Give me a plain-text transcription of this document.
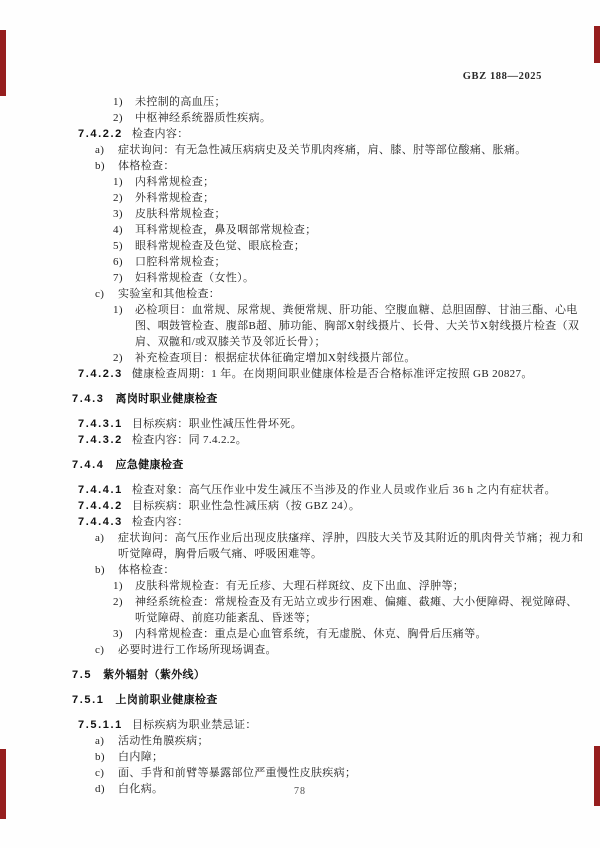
GBZ 188—2025
1) 未控制的高血压；
2) 中枢神经系统器质性疾病。
7.4.2.2 检查内容：
a) 症状询问：有无急性减压病病史及关节肌肉疼痛，肩、膝、肘等部位酸痛、胀痛。
b) 体格检查：
1) 内科常规检查；
2) 外科常规检查；
3) 皮肤科常规检查；
4) 耳科常规检查，鼻及咽部常规检查；
5) 眼科常规检查及色觉、眼底检查；
6) 口腔科常规检查；
7) 妇科常规检查（女性）。
c) 实验室和其他检查：
1) 必检项目：血常规、尿常规、粪便常规、肝功能、空腹血糖、总胆固醇、甘油三酯、心电
图、咽鼓管检查、腹部B超、肺功能、胸部X射线摄片、长骨、大关节X射线摄片检查（双
肩、双髋和/或双膝关节及邻近长骨）；
2) 补充检查项目：根据症状体征确定增加X射线摄片部位。
7.4.2.3 健康检查周期：1 年。在岗期间职业健康体检是否合格标准评定按照 GB 20827。
7.4.3 离岗时职业健康检查
7.4.3.1 目标疾病：职业性减压性骨坏死。
7.4.3.2 检查内容：同 7.4.2.2。
7.4.4 应急健康检查
7.4.4.1 检查对象：高气压作业中发生减压不当涉及的作业人员或作业后 36 h 之内有症状者。
7.4.4.2 目标疾病：职业性急性减压病（按 GBZ 24）。
7.4.4.3 检查内容：
a) 症状询问：高气压作业后出现皮肤瘙痒、浮肿，四肢大关节及其附近的肌肉骨关节痛；视力和
听觉障碍，胸骨后吸气痛、呼吸困难等。
b) 体格检查：
1) 皮肤科常规检查：有无丘疹、大理石样斑纹、皮下出血、浮肿等；
2) 神经系统检查：常规检查及有无站立或步行困难、偏瘫、截瘫、大小便障碍、视觉障碍、
听觉障碍、前庭功能紊乱、昏迷等；
3) 内科常规检查：重点是心血管系统，有无虚脱、休克、胸骨后压痛等。
c) 必要时进行工作场所现场调查。
7.5 紫外辐射（紫外线）
7.5.1 上岗前职业健康检查
7.5.1.1 目标疾病为职业禁忌证：
a) 活动性角膜疾病；
b) 白内障；
c) 面、手背和前臂等暴露部位严重慢性皮肤疾病；
d) 白化病。	78
